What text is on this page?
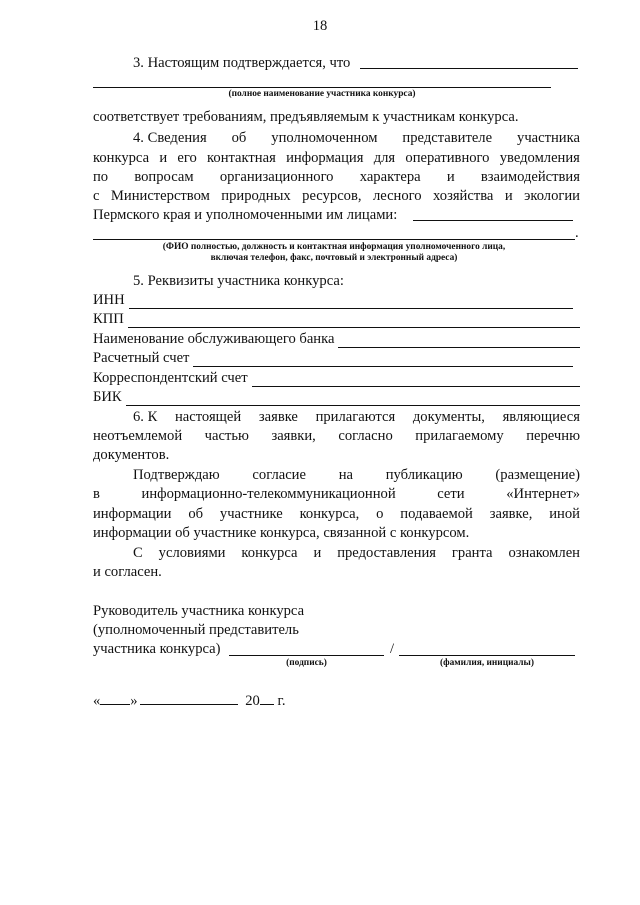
18
3. Настоящим подтверждается, что
(полное наименование участника конкурса)
соответствует требованиям, предъявляемым к участникам конкурса.
4. Сведения об уполномоченном представителе участника
конкурса и его контактная информация для оперативного уведомления
по вопросам организационного характера и взаимодействия
с Министерством природных ресурсов, лесного хозяйства и экологии
Пермского края и уполномоченными им лицами:
.
(ФИО полностью, должность и контактная информация уполномоченного лица,
включая телефон, факс, почтовый и электронный адреса)
5. Реквизиты участника конкурса:
ИНН
КПП
Наименование обслуживающего банка
Расчетный счет
Корреспондентский счет
БИК
6. К настоящей заявке прилагаются документы, являющиеся
неотъемлемой частью заявки, согласно прилагаемому перечню
документов.
Подтверждаю согласие на публикацию (размещение)
в	информационно-телекоммуникационной	сети	«Интернет»
информации об участнике конкурса, о подаваемой заявке, иной
информации об участнике конкурса, связанной с конкурсом.
С условиями конкурса и предоставления гранта ознакомлен
и согласен.
Руководитель участника конкурса
(уполномоченный представитель
участника конкурса)	/
(подпись)	(фамилия, инициалы)
« »	20 г.
